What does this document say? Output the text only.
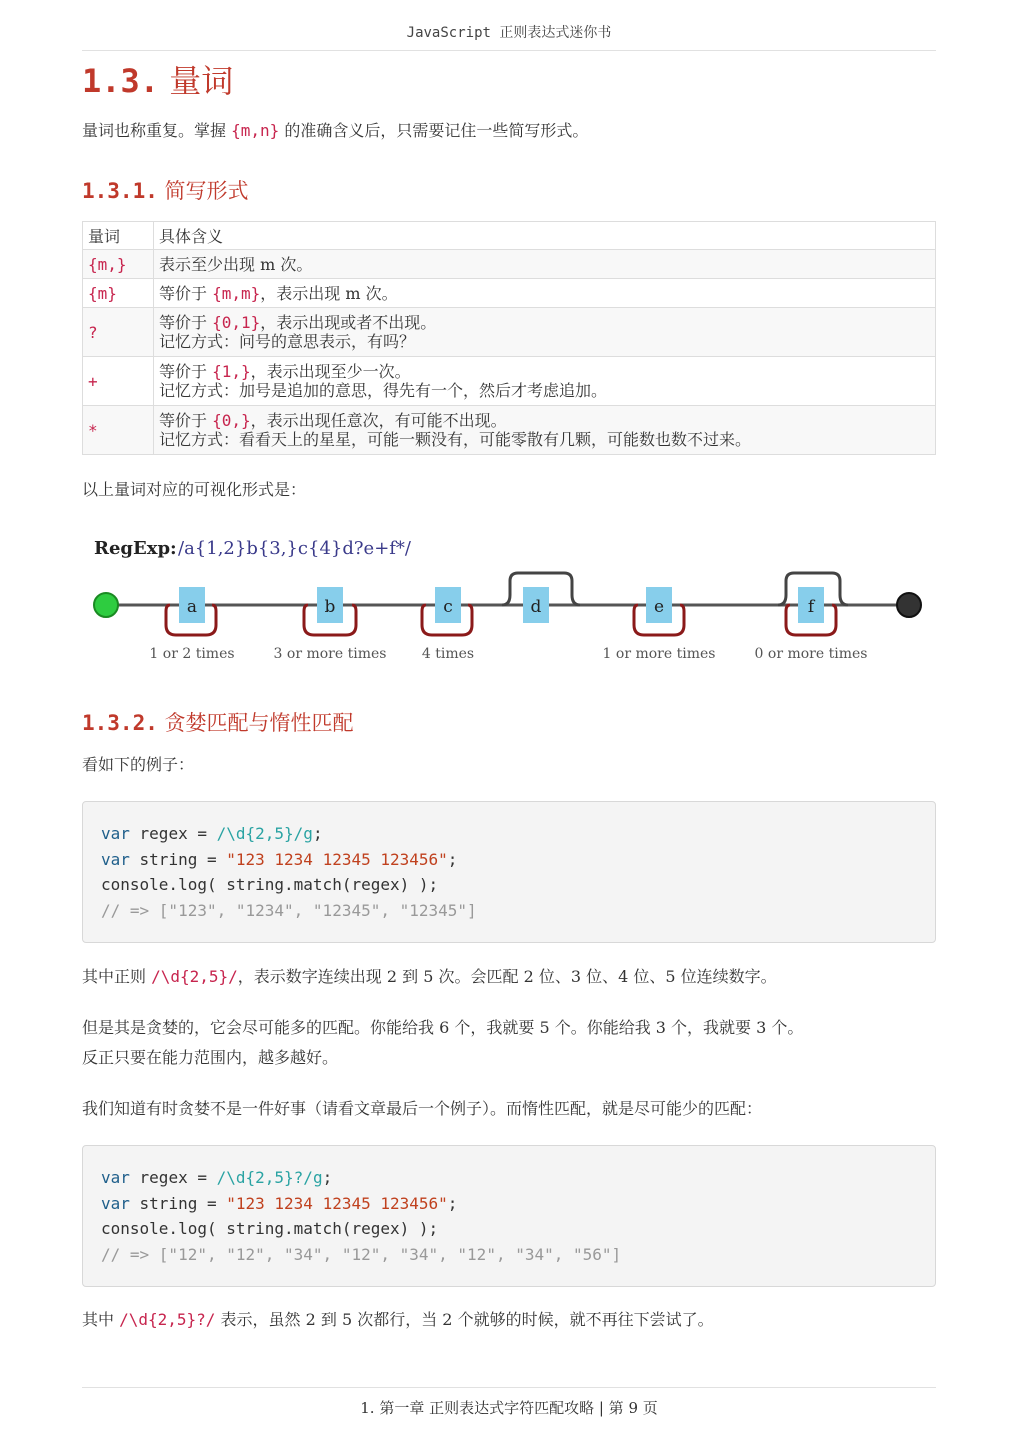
JavaScript 正则表达式迷你书
1.3. 量词
量词也称重复。掌握 {m,n} 的准确含义后，只需要记住一些简写形式。
1.3.1. 简写形式
量词	具体含义
{m,}	表示至少出现 m 次。

{m}	等价于 {m,m}，表示出现 m 次。

?	等价于 {0,1}，表示出现或者不出现。
记忆方式：问号的意思表示，有吗？

+	等价于 {1,}，表示出现至少一次。
记忆方式：加号是追加的意思，得先有一个，然后才考虑追加。

*	等价于 {0,}，表示出现任意次，有可能不出现。
记忆方式：看看天上的星星，可能一颗没有，可能零散有几颗，可能数也数不过来。
以上量词对应的可视化形式是：
RegExp: /a{1,2}b{3,}c{4}d?e+f*/
a	b	c	d	e	f
1 or 2 times	3 or more times	4 times	1 or more times	0 or more times
1.3.2. 贪婪匹配与惰性匹配
看如下的例子：
var regex = /\d{2,5}/g;
var string = "123 1234 12345 123456";
console.log( string.match(regex) );
// => ["123", "1234", "12345", "12345"]
其中正则 /\d{2,5}/，表示数字连续出现 2 到 5 次。会匹配 2 位、3 位、4 位、5 位连续数字。
但是其是贪婪的，它会尽可能多的匹配。你能给我 6 个，我就要 5 个。你能给我 3 个，我就要 3 个。
反正只要在能力范围内，越多越好。
我们知道有时贪婪不是一件好事（请看文章最后一个例子）。而惰性匹配，就是尽可能少的匹配：
var regex = /\d{2,5}?/g;
var string = "123 1234 12345 123456";
console.log( string.match(regex) );
// => ["12", "12", "34", "12", "34", "12", "34", "56"]
其中 /\d{2,5}?/ 表示，虽然 2 到 5 次都行，当 2 个就够的时候，就不再往下尝试了。
1. 第一章 正则表达式字符匹配攻略 | 第 9 页
